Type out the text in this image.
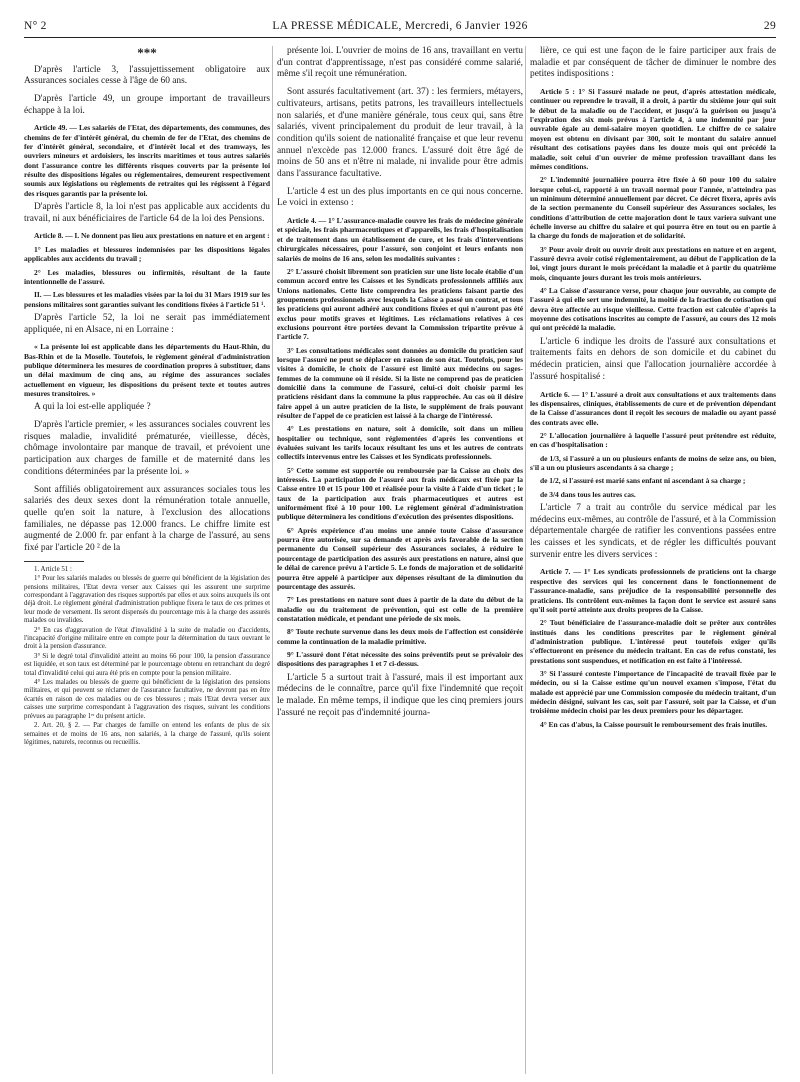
N° 2	LA PRESSE MÉDICALE, Mercredi, 6 Janvier 1926	29
***

D'après l'article 3, l'assujettissement obligatoire aux Assurances sociales cesse à l'âge de 60 ans.

D'après l'article 49, un groupe important de travailleurs échappe à la loi.

Article 49. — Les salariés de l'Etat, des départements, des communes, des chemins de fer d'intérêt général, du chemin de fer de l'Etat, des chemins de fer d'intérêt général, secondaire, et d'intérêt local et des tramways, les ouvriers mineurs et ardoisiers, les inscrits maritimes et tous autres salariés dont l'assurance contre les différents risques couverts par la présente loi résulte des dispositions légales ou réglementaires, demeurent respectivement soumis aux législations ou règlements de retraites qui les régissent à l'égard des risques garantis par la présente loi.

D'après l'article 8, la loi n'est pas applicable aux accidents du travail, ni aux bénéficiaires de l'article 64 de la loi des Pensions.

Article 8. — I. Ne donnent pas lieu aux prestations en nature et en argent :

1° Les maladies et blessures indemnisées par les dispositions légales applicables aux accidents du travail ;

2° Les maladies, blessures ou infirmités, résultant de la faute intentionnelle de l'assuré.

II. — Les blessures et les maladies visées par la loi du 31 Mars 1919 sur les pensions militaires sont garanties suivant les conditions fixées à l'article 51 ¹.

D'après l'article 52, la loi ne serait pas immédiatement appliquée, ni en Alsace, ni en Lorraine :

« La présente loi est applicable dans les départements du Haut-Rhin, du Bas-Rhin et de la Moselle. Toutefois, le règlement général d'administration publique déterminera les mesures de coordination propres à substituer, dans un délai maximum de cinq ans, au régime des assurances sociales actuellement en vigueur, les dispositions du présent texte et toutes autres mesures transitoires. »

A qui la loi est-elle appliquée ?

D'après l'article premier, « les assurances sociales couvrent les risques maladie, invalidité prématurée, vieillesse, décès, chômage involontaire par manque de travail, et prévoient une participation aux charges de famille et de maternité dans les conditions déterminées par la présente loi. »

Sont affiliés obligatoirement aux assurances sociales tous les salariés des deux sexes dont la rémunération totale annuelle, quelle qu'en soit la nature, à l'exclusion des allocations familiales, ne dépasse pas 12.000 francs. Le chiffre limite est augmenté de 2.000 fr. par enfant à la charge de l'assuré, au sens fixé par l'article 20 ² de la

1. Article 51 :

1° Pour les salariés malades ou blessés de guerre qui bénéficient de la législation des pensions militaires, l'Etat devra verser aux Caisses qui les assurent une surprime correspondant à l'aggravation des risques supportés par elles et aux soins auxquels ils ont déjà droit. Le règlement général d'administration publique fixera le taux de ces primes et leur mode de versement. Ils seront dispensés du pourcentage mis à la charge des assurés malades ou invalides.

2° En cas d'aggravation de l'état d'invalidité à la suite de maladie ou d'accidents, l'incapacité d'origine militaire entre en compte pour la détermination du taux ouvrant le droit à la pension d'assurance.

3° Si le degré total d'invalidité atteint au moins 66 pour 100, la pension d'assurance est liquidée, et son taux est déterminé par le pourcentage obtenu en retranchant du degré total d'invalidité celui qui aura été pris en compte pour la pension militaire.

4° Les malades ou blessés de guerre qui bénéficient de la législation des pensions militaires, et qui peuvent se réclamer de l'assurance facultative, ne devront pas en être écartés en raison de ces maladies ou de ces blessures ; mais l'Etat devra verser aux caisses une surprime correspondant à l'aggravation des risques, suivant les conditions prévues au paragraphe 1ᵉʳ du présent article.

2. Art. 20, § 2. — Par charges de famille on entend les enfants de plus de six semaines et de moins de 16 ans, non salariés, à la charge de l'assuré, qu'ils soient légitimes, naturels, reconnus ou recueillis.

présente loi. L'ouvrier de moins de 16 ans, travaillant en vertu d'un contrat d'apprentissage, n'est pas considéré comme salarié, même s'il reçoit une rémunération.

Sont assurés facultativement (art. 37) : les fermiers, métayers, cultivateurs, artisans, petits patrons, les travailleurs intellectuels non salariés, et d'une manière générale, tous ceux qui, sans être salariés, vivent principalement du produit de leur travail, à la condition qu'ils soient de nationalité française et que leur revenu annuel n'excède pas 12.000 francs. L'assuré doit être âgé de moins de 50 ans et n'être ni malade, ni invalide pour être admis dans l'assurance facultative.

L'article 4 est un des plus importants en ce qui nous concerne. Le voici in extenso :

Article 4. — 1° L'assurance-maladie couvre les frais de médecine générale et spéciale, les frais pharmaceutiques et d'appareils, les frais d'hospitalisation et de traitement dans un établissement de cure, et les frais d'interventions chirurgicales nécessaires, pour l'assuré, son conjoint et leurs enfants non salariés de moins de 16 ans, selon les modalités suivantes :

2° L'assuré choisit librement son praticien sur une liste locale établie d'un commun accord entre les Caisses et les Syndicats professionnels affiliés aux Unions nationales. Cette liste comprendra les praticiens faisant partie des groupements professionnels avec lesquels la Caisse a passé un contrat, et tous les praticiens qui auront adhéré aux conditions fixées et qui n'auront pas été exclus pour motifs graves et légitimes. Les réclamations relatives à ces exclusions pourront être portées devant la Commission tripartite prévue à l'article 7.

3° Les consultations médicales sont données au domicile du praticien sauf lorsque l'assuré ne peut se déplacer en raison de son état. Toutefois, pour les visites à domicile, le choix de l'assuré est limité aux médecins ou sages-femmes de la commune où il réside. Si la liste ne comprend pas de praticien domicilié dans la commune de l'assuré, celui-ci doit choisir parmi les praticiens résidant dans la commune la plus rapprochée. Au cas où il désire faire appel à un autre praticien de la liste, le supplément de frais pouvant résulter de l'appel de ce praticien est laissé à la charge de l'intéressé.

4° Les prestations en nature, soit à domicile, soit dans un milieu hospitalier ou technique, sont réglementées d'après les conventions et évaluées suivant les tarifs locaux résultant les uns et les autres de contrats collectifs intervenus entre les Caisses et les Syndicats professionnels.

5° Cette somme est supportée ou remboursée par la Caisse au choix des intéressés. La participation de l'assuré aux frais médicaux est fixée par la Caisse entre 10 et 15 pour 100 et réalisée pour la visite à l'aide d'un ticket ; le taux de la participation aux frais pharmaceutiques et autres est uniformément fixé à 10 pour 100. Le règlement général d'administration publique déterminera les conditions d'exécution des présentes dispositions.

6° Après expérience d'au moins une année toute Caisse d'assurance pourra être autorisée, sur sa demande et après avis favorable de la section permanente du Conseil supérieur des Assurances sociales, à réduire le pourcentage de participation des assurés aux prestations en nature, ainsi que le délai de carence prévu à l'article 5. Le fonds de majoration et de solidarité pourra être appelé à participer aux dépenses résultant de la diminution du pourcentage des assurés.

7° Les prestations en nature sont dues à partir de la date du début de la maladie ou du traitement de prévention, qui est celle de la première constatation médicale, et pendant une période de six mois.

8° Toute rechute survenue dans les deux mois de l'affection est considérée comme la continuation de la maladie primitive.

9° L'assuré dont l'état nécessite des soins préventifs peut se prévaloir des dispositions des paragraphes 1 et 7 ci-dessus.

L'article 5 a surtout trait à l'assuré, mais il est important aux médecins de le connaître, parce qu'il fixe l'indemnité que reçoit le malade. En même temps, il indique que les cinq premiers jours l'assuré ne reçoit pas d'indemnité journa-

lière, ce qui est une façon de le faire participer aux frais de maladie et par conséquent de tâcher de diminuer le nombre des petites indispositions :

Article 5 : 1° Si l'assuré malade ne peut, d'après attestation médicale, continuer ou reprendre le travail, il a droit, à partir du sixième jour qui suit le début de la maladie ou de l'accident, et jusqu'à la guérison ou jusqu'à l'expiration des six mois prévus à l'article 4, à une indemnité par jour ouvrable égale au demi-salaire moyen quotidien. Le chiffre de ce salaire moyen est obtenu en divisant par 300, soit le montant du salaire annuel résultant des cotisations payées dans les douze mois qui ont précédé la maladie, soit celui d'un ouvrier de même profession travaillant dans les mêmes conditions.

2° L'indemnité journalière pourra être fixée à 60 pour 100 du salaire lorsque celui-ci, rapporté à un travail normal pour l'année, n'atteindra pas un minimum déterminé annuellement par décret. Ce décret fixera, après avis de la section permanente du Conseil supérieur des Assurances sociales, les conditions d'attribution de cette majoration dont le taux variera suivant une échelle inverse au chiffre du salaire et qui pourra être en tout ou en partie à la charge du fonds de majoration et de solidarité.

3° Pour avoir droit ou ouvrir droit aux prestations en nature et en argent, l'assuré devra avoir cotisé réglementairement, au début de l'application de la loi, vingt jours durant le mois précédant la maladie et à partir du quatrième mois, cinquante jours durant les trois mois antérieurs.

4° La Caisse d'assurance verse, pour chaque jour ouvrable, au compte de l'assuré à qui elle sert une indemnité, la moitié de la fraction de cotisation qui devra être affectée au risque vieillesse. Cette fraction est calculée d'après la moyenne des cotisations inscrites au compte de l'assuré, au cours des 12 mois qui ont précédé la maladie.

L'article 6 indique les droits de l'assuré aux consultations et traitements faits en dehors de son domicile et du cabinet du médecin praticien, ainsi que l'allocation journalière accordée à l'assuré hospitalisé :

Article 6. — 1° L'assuré a droit aux consultations et aux traitements dans les dispensaires, cliniques, établissements de cure et de prévention dépendant de la Caisse d'assurances dont il reçoit les secours de maladie ou ayant passé des contrats avec elle.

2° L'allocation journalière à laquelle l'assuré peut prétendre est réduite, en cas d'hospitalisation :

de 1/3, si l'assuré a un ou plusieurs enfants de moins de seize ans, ou bien, s'il a un ou plusieurs ascendants à sa charge ;

de 1/2, si l'assuré est marié sans enfant ni ascendant à sa charge ;

de 3/4 dans tous les autres cas.

L'article 7 a trait au contrôle du service médical par les médecins eux-mêmes, au contrôle de l'assuré, et à la Commission départementale chargée de ratifier les conventions passées entre les caisses et les syndicats, et de régler les difficultés pouvant survenir entre les divers services :

Article 7. — 1° Les syndicats professionnels de praticiens ont la charge respective des services qui les concernent dans le fonctionnement de l'assurance-maladie, sans préjudice de la responsabilité personnelle des praticiens. Ils contrôlent eux-mêmes la façon dont le service est assuré sans qu'il soit porté atteinte aux droits propres de la Caisse.

2° Tout bénéficiaire de l'assurance-maladie doit se prêter aux contrôles institués dans les conditions prescrites par le règlement général d'administration publique. L'intéressé peut toutefois exiger qu'ils s'effectueront en présence du médecin traitant. En cas de refus constaté, les prestations sont suspendues, et notification en est faite à l'intéressé.

3° Si l'assuré conteste l'importance de l'incapacité de travail fixée par le médecin, ou si la Caisse estime qu'un nouvel examen s'impose, l'état du malade est apprécié par une Commission composée du médecin traitant, d'un médecin désigné, suivant les cas, soit par l'assuré, soit par la Caisse, et d'un troisième médecin choisi par les deux premiers pour les départager.

4° En cas d'abus, la Caisse poursuit le remboursement des frais inutiles.
